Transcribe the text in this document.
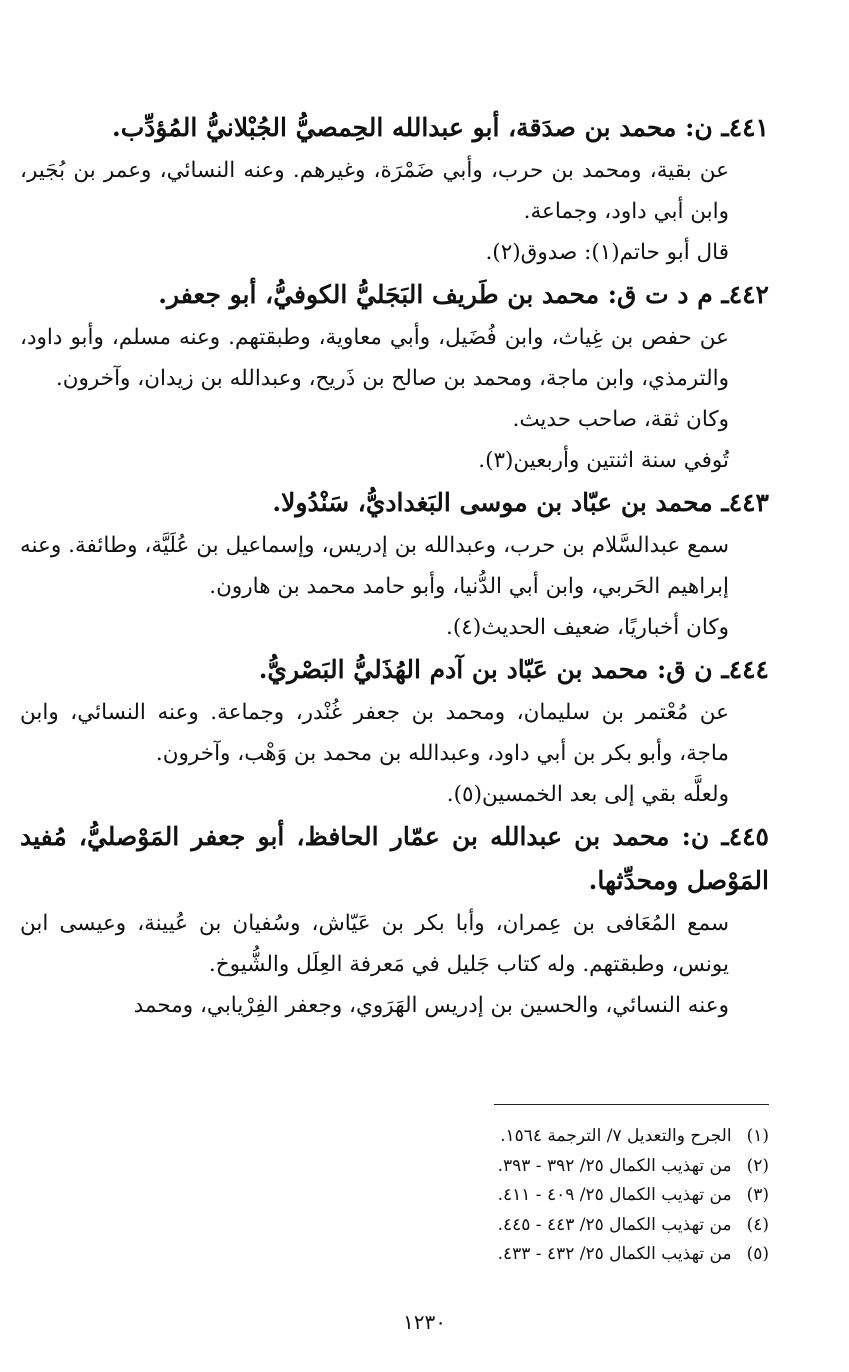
٤٤١ـ ن: محمد بن صدَقة، أبو عبدالله الحِمصيُّ الجُبْلانيُّ المُؤدِّب.

عن بقية، ومحمد بن حرب، وأبي ضَمْرَة، وغيرهم. وعنه النسائي، وعمر بن بُجَير، وابن أبي داود، وجماعة.

قال أبو حاتم(١): صدوق(٢).

٤٤٢ـ م د ت ق: محمد بن طَريف البَجَليُّ الكوفيُّ، أبو جعفر.

عن حفص بن غِياث، وابن فُضَيل، وأبي معاوية، وطبقتهم. وعنه مسلم، وأبو داود، والترمذي، وابن ماجة، ومحمد بن صالح بن ذَريح، وعبدالله بن زيدان، وآخرون.

وكان ثقة، صاحب حديث.

تُوفي سنة اثنتين وأربعين(٣).

٤٤٣ـ محمد بن عبّاد بن موسى البَغداديُّ، سَنْدُولا.

سمع عبدالسَّلام بن حرب، وعبدالله بن إدريس، وإسماعيل بن عُلَيَّة، وطائفة. وعنه إبراهيم الحَربي، وابن أبي الدُّنيا، وأبو حامد محمد بن هارون.

وكان أخباريًا، ضعيف الحديث(٤).

٤٤٤ـ ن ق: محمد بن عَبّاد بن آدم الهُذَليُّ البَصْريُّ.

عن مُعْتمر بن سليمان، ومحمد بن جعفر غُنْدر، وجماعة. وعنه النسائي، وابن ماجة، وأبو بكر بن أبي داود، وعبدالله بن محمد بن وَهْب، وآخرون.

ولعلَّه بقي إلى بعد الخمسين(٥).

٤٤٥ـ ن: محمد بن عبدالله بن عمّار الحافظ، أبو جعفر المَوْصليُّ، مُفيد المَوْصل ومحدِّثها.

سمع المُعَافى بن عِمران، وأبا بكر بن عَيّاش، وسُفيان بن عُيينة، وعيسى ابن يونس، وطبقتهم. وله كتاب جَليل في مَعرفة العِلَل والشُّيوخ.

وعنه النسائي، والحسين بن إدريس الهَرَوي، وجعفر الفِرْيابي، ومحمد

(١) الجرح والتعديل ٧/ الترجمة ١٥٦٤.
(٢) من تهذيب الكمال ٢٥/ ٣٩٢ - ٣٩٣.
(٣) من تهذيب الكمال ٢٥/ ٤٠٩ - ٤١١.
(٤) من تهذيب الكمال ٢٥/ ٤٤٣ - ٤٤٥.
(٥) من تهذيب الكمال ٢٥/ ٤٣٢ - ٤٣٣.
١٢٣٠
